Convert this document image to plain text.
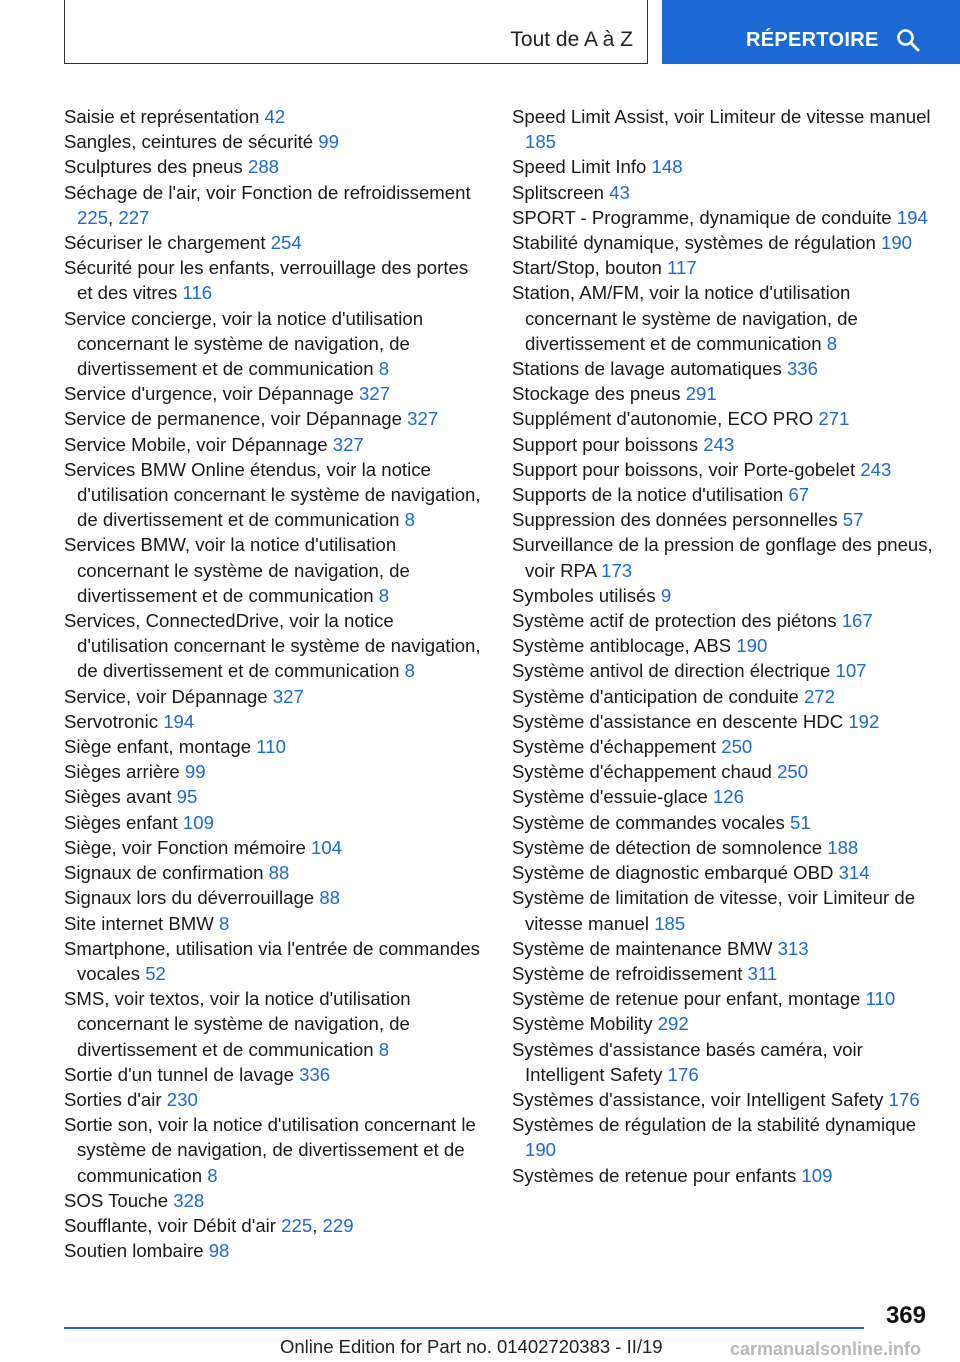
Tout de A à Z	RÉPERTOIRE
Saisie et représentation 42
Sangles, ceintures de sécurité 99
Sculptures des pneus 288
Séchage de l'air, voir Fonction de refroidissement 225, 227
Sécuriser le chargement 254
Sécurité pour les enfants, verrouillage des portes et des vitres 116
Service concierge, voir la notice d'utilisation concernant le système de navigation, de divertissement et de communication 8
Service d'urgence, voir Dépannage 327
Service de permanence, voir Dépannage 327
Service Mobile, voir Dépannage 327
Services BMW Online étendus, voir la notice d'utilisation concernant le système de navigation, de divertissement et de communication 8
Services BMW, voir la notice d'utilisation concernant le système de navigation, de divertissement et de communication 8
Services, ConnectedDrive, voir la notice d'utilisation concernant le système de navigation, de divertissement et de communication 8
Service, voir Dépannage 327
Servotronic 194
Siège enfant, montage 110
Sièges arrière 99
Sièges avant 95
Sièges enfant 109
Siège, voir Fonction mémoire 104
Signaux de confirmation 88
Signaux lors du déverrouillage 88
Site internet BMW 8
Smartphone, utilisation via l'entrée de commandes vocales 52
SMS, voir textos, voir la notice d'utilisation concernant le système de navigation, de divertissement et de communication 8
Sortie d'un tunnel de lavage 336
Sorties d'air 230
Sortie son, voir la notice d'utilisation concernant le système de navigation, de divertissement et de communication 8
SOS Touche 328
Soufflante, voir Débit d'air 225, 229
Soutien lombaire 98
Speed Limit Assist, voir Limiteur de vitesse manuel 185
Speed Limit Info 148
Splitscreen 43
SPORT - Programme, dynamique de conduite 194
Stabilité dynamique, systèmes de régulation 190
Start/Stop, bouton 117
Station, AM/FM, voir la notice d'utilisation concernant le système de navigation, de divertissement et de communication 8
Stations de lavage automatiques 336
Stockage des pneus 291
Supplément d'autonomie, ECO PRO 271
Support pour boissons 243
Support pour boissons, voir Porte-gobelet 243
Supports de la notice d'utilisation 67
Suppression des données personnelles 57
Surveillance de la pression de gonflage des pneus, voir RPA 173
Symboles utilisés 9
Système actif de protection des piétons 167
Système antiblocage, ABS 190
Système antivol de direction électrique 107
Système d'anticipation de conduite 272
Système d'assistance en descente HDC 192
Système d'échappement 250
Système d'échappement chaud 250
Système d'essuie-glace 126
Système de commandes vocales 51
Système de détection de somnolence 188
Système de diagnostic embarqué OBD 314
Système de limitation de vitesse, voir Limiteur de vitesse manuel 185
Système de maintenance BMW 313
Système de refroidissement 311
Système de retenue pour enfant, montage 110
Système Mobility 292
Systèmes d'assistance basés caméra, voir Intelligent Safety 176
Systèmes d'assistance, voir Intelligent Safety 176
Systèmes de régulation de la stabilité dynamique 190
Systèmes de retenue pour enfants 109
369
Online Edition for Part no. 01402720383 - II/19	carmanualsonline.info
